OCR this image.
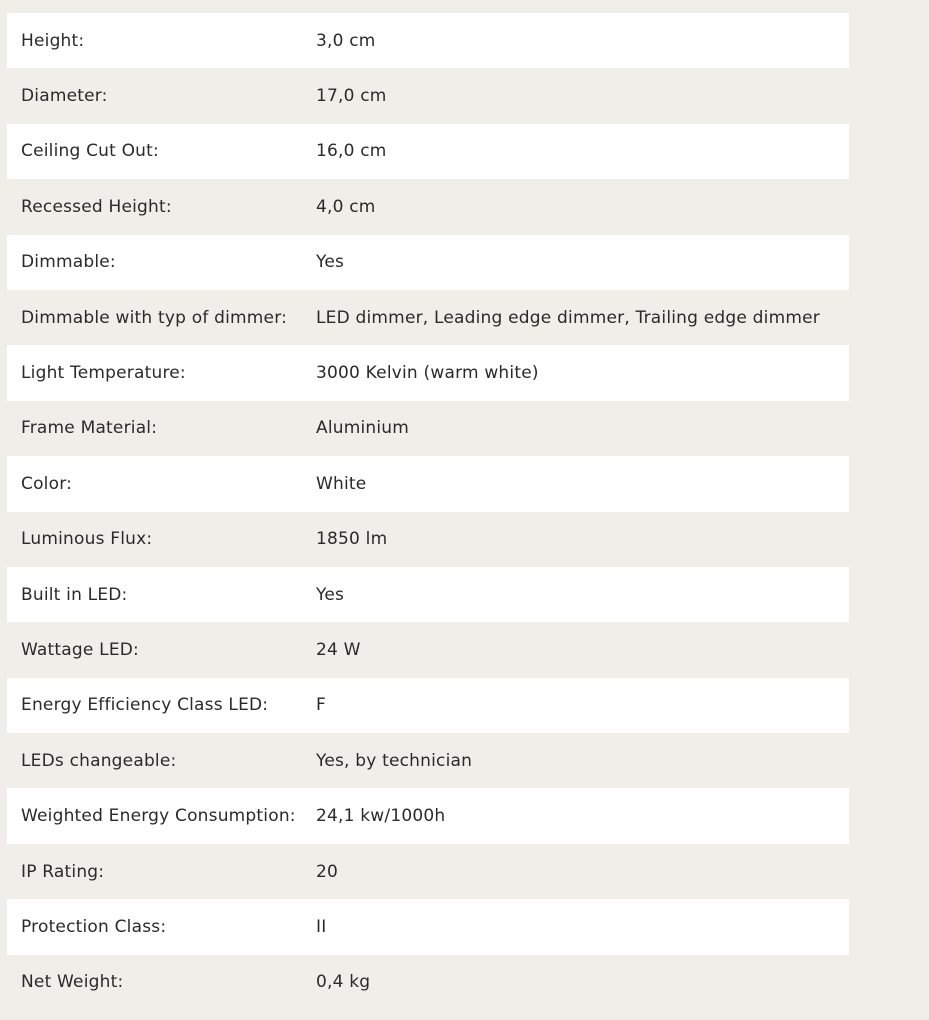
Height:	3,0 cm
Diameter:	17,0 cm
Ceiling Cut Out:	16,0 cm
Recessed Height:	4,0 cm
Dimmable:	Yes
Dimmable with typ of dimmer:	LED dimmer, Leading edge dimmer, Trailing edge dimmer
Light Temperature:	3000 Kelvin (warm white)
Frame Material:	Aluminium
Color:	White
Luminous Flux:	1850 lm
Built in LED:	Yes
Wattage LED:	24 W
Energy Efficiency Class LED:	F
LEDs changeable:	Yes, by technician
Weighted Energy Consumption:	24,1 kw/1000h
IP Rating:	20
Protection Class:	II
Net Weight:	0,4 kg
